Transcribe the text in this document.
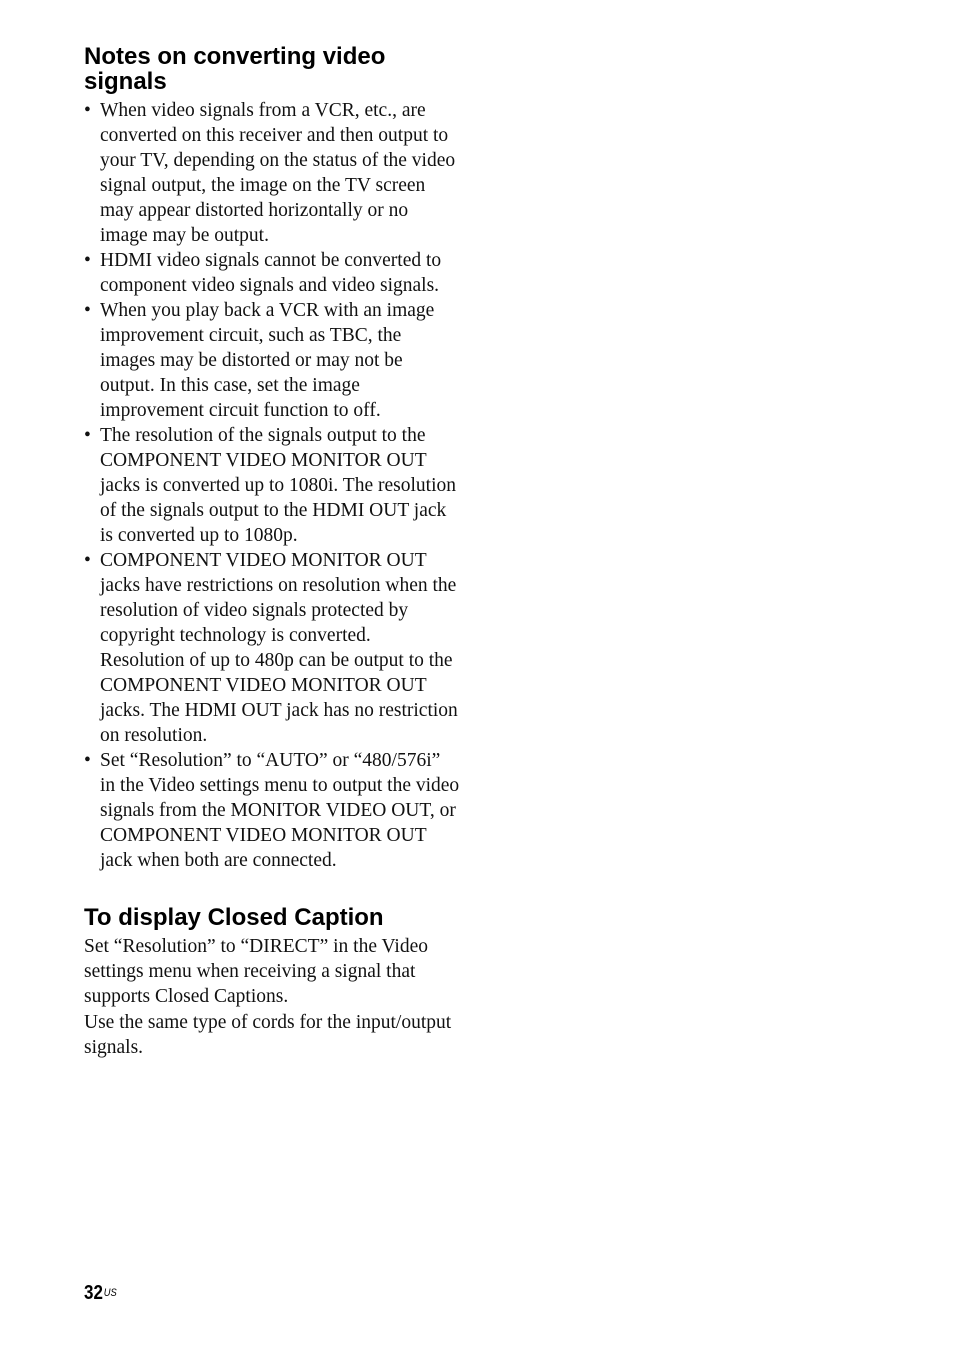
Notes on converting video
signals
• When video signals from a VCR, etc., are converted on this receiver and then output to your TV, depending on the status of the video signal output, the image on the TV screen may appear distorted horizontally or no image may be output.
• HDMI video signals cannot be converted to component video signals and video signals.
• When you play back a VCR with an image improvement circuit, such as TBC, the images may be distorted or may not be output. In this case, set the image improvement circuit function to off.
• The resolution of the signals output to the COMPONENT VIDEO MONITOR OUT jacks is converted up to 1080i. The resolution of the signals output to the HDMI OUT jack is converted up to 1080p.
• COMPONENT VIDEO MONITOR OUT jacks have restrictions on resolution when the resolution of video signals protected by copyright technology is converted. Resolution of up to 480p can be output to the COMPONENT VIDEO MONITOR OUT jacks. The HDMI OUT jack has no restriction on resolution.
• Set “Resolution” to “AUTO” or “480/576i” in the Video settings menu to output the video signals from the MONITOR VIDEO OUT, or COMPONENT VIDEO MONITOR OUT jack when both are connected.
To display Closed Caption

Set “Resolution” to “DIRECT” in the Video settings menu when receiving a signal that supports Closed Captions.

Use the same type of cords for the input/output signals.

$32^{US}$
